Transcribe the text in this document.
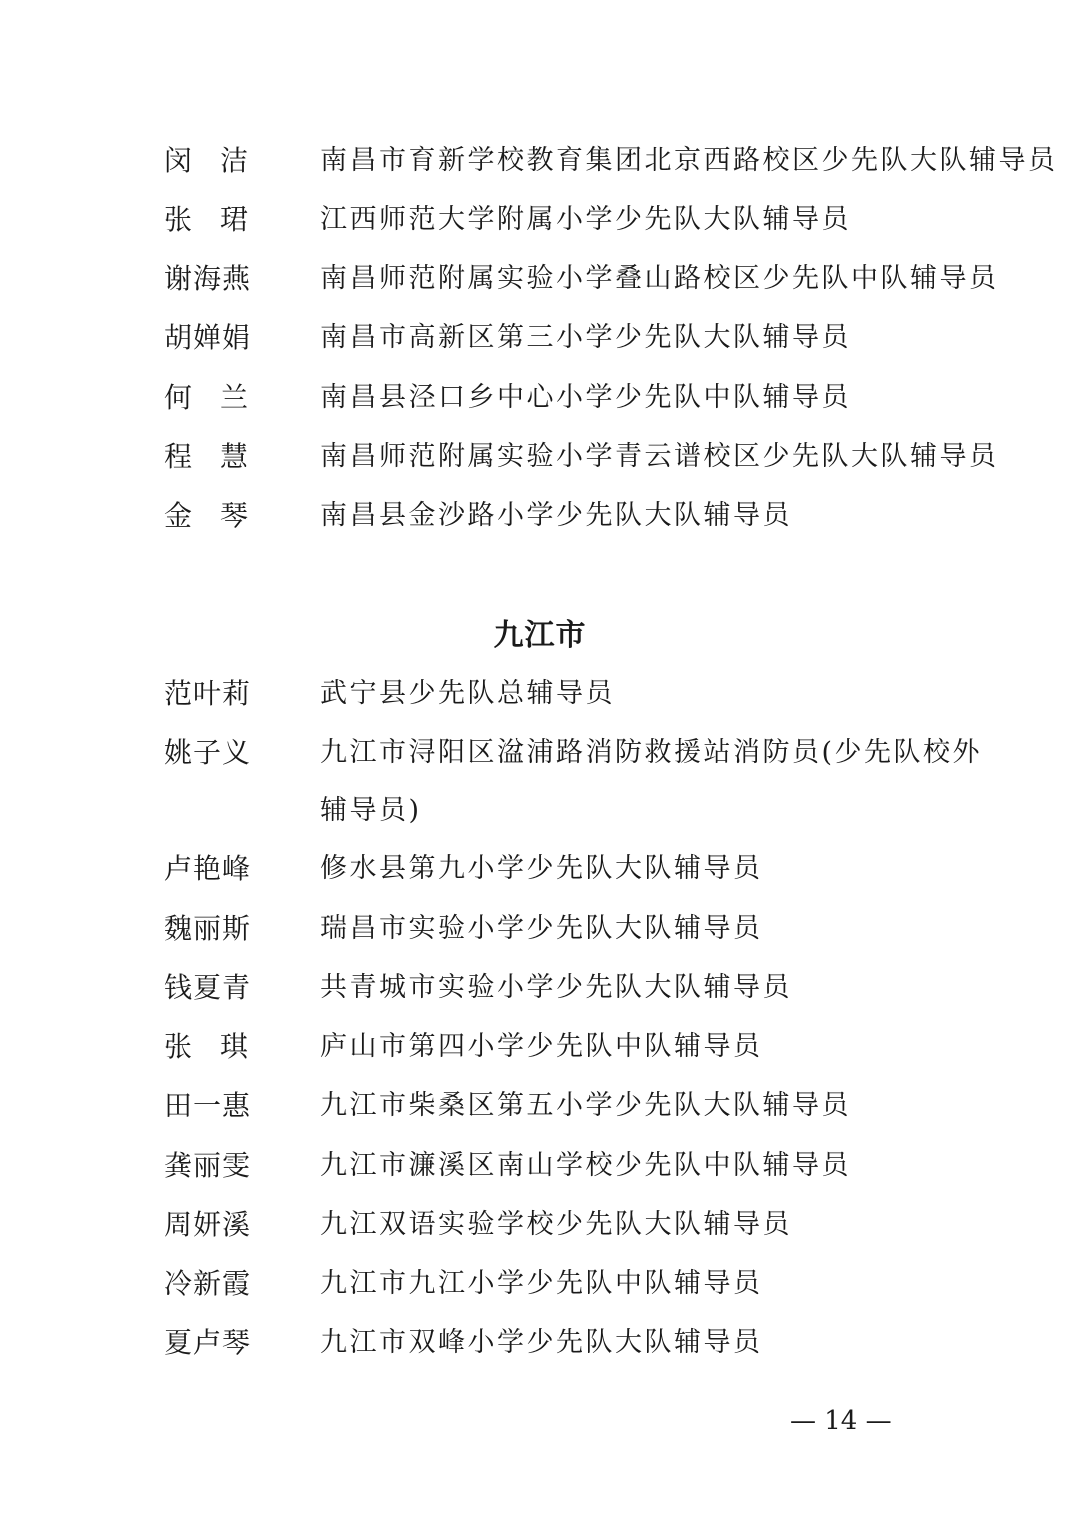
闵 洁	南昌市育新学校教育集团北京西路校区少先队大队辅导员
张 珺	江西师范大学附属小学少先队大队辅导员
谢海燕	南昌师范附属实验小学叠山路校区少先队中队辅导员
胡婵娟	南昌市高新区第三小学少先队大队辅导员
何 兰	南昌县泾口乡中心小学少先队中队辅导员
程 慧	南昌师范附属实验小学青云谱校区少先队大队辅导员
金 琴	南昌县金沙路小学少先队大队辅导员
九江市
范叶莉	武宁县少先队总辅导员
姚子义	九江市浔阳区湓浦路消防救援站消防员(少先队校外辅导员)
卢艳峰	修水县第九小学少先队大队辅导员
魏丽斯	瑞昌市实验小学少先队大队辅导员
钱夏青	共青城市实验小学少先队大队辅导员
张 琪	庐山市第四小学少先队中队辅导员
田一惠	九江市柴桑区第五小学少先队大队辅导员
龚丽雯	九江市濂溪区南山学校少先队中队辅导员
周妍溪	九江双语实验学校少先队大队辅导员
冷新霞	九江市九江小学少先队中队辅导员
夏卢琴	九江市双峰小学少先队大队辅导员
— 14 —
